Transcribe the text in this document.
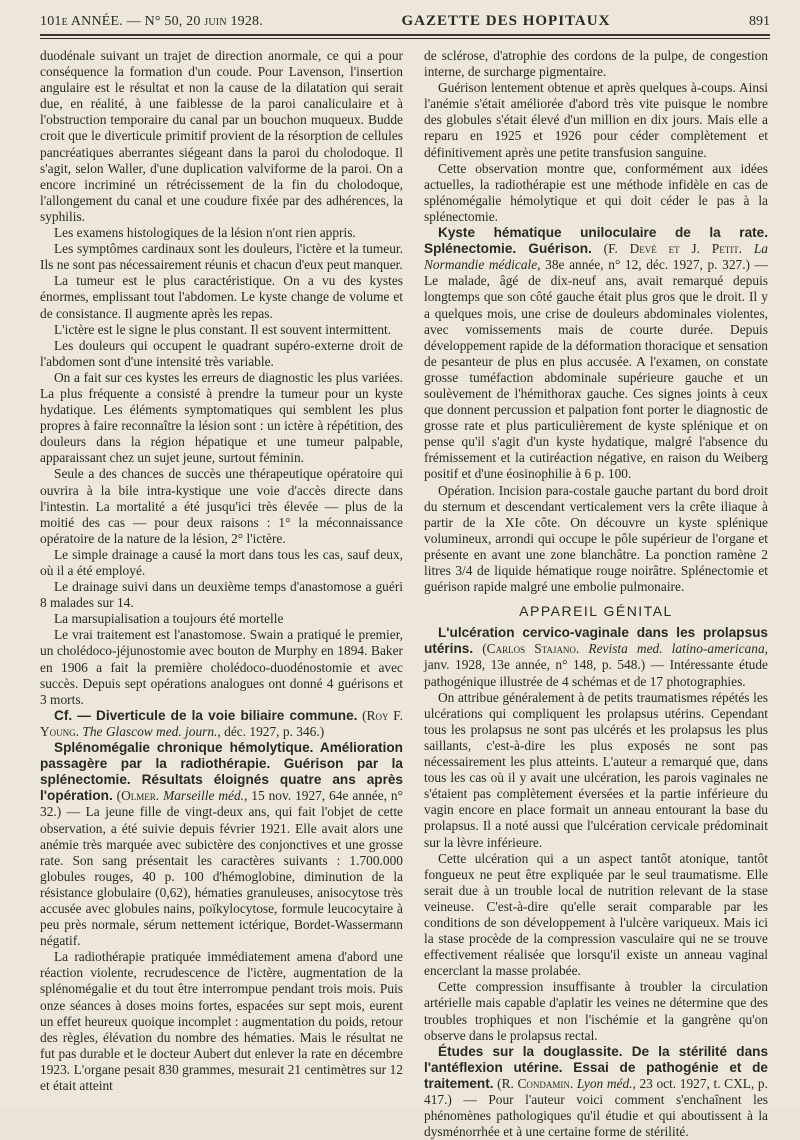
101e ANNÉE. — N° 50, 20 juin 1928.	GAZETTE DES HOPITAUX	891

duodénale suivant un trajet de direction anormale, ce qui a pour conséquence la formation d'un coude. Pour Lavenson, l'insertion angulaire est le résultat et non la cause de la dilatation qui serait due, en réalité, à une faiblesse de la paroi canaliculaire et à l'obstruction temporaire du canal par un bouchon muqueux. Budde croit que le diverticule primitif provient de la résorption de cellules pancréatiques aberrantes siégeant dans la paroi du cholodoque. Il s'agit, selon Waller, d'une duplication valviforme de la paroi. On a encore incriminé un rétrécissement de la fin du cholodoque, l'allongement du canal et une coudure fixée par des adhérences, la syphilis.

Les examens histologiques de la lésion n'ont rien appris.

Les symptômes cardinaux sont les douleurs, l'ictère et la tumeur. Ils ne sont pas nécessairement réunis et chacun d'eux peut manquer.

La tumeur est le plus caractéristique. On a vu des kystes énormes, emplissant tout l'abdomen. Le kyste change de volume et de consistance. Il augmente après les repas.

L'ictère est le signe le plus constant. Il est souvent intermittent.

Les douleurs qui occupent le quadrant supéro-externe droit de l'abdomen sont d'une intensité très variable.

On a fait sur ces kystes les erreurs de diagnostic les plus variées. La plus fréquente a consisté à prendre la tumeur pour un kyste hydatique. Les éléments symptomatiques qui semblent les plus propres à faire reconnaître la lésion sont : un ictère à répétition, des douleurs dans la région hépatique et une tumeur palpable, apparaissant chez un sujet jeune, surtout féminin.

Seule a des chances de succès une thérapeutique opératoire qui ouvrira à la bile intra-kystique une voie d'accès directe dans l'intestin. La mortalité a été jusqu'ici très élevée — plus de la moitié des cas — pour deux raisons : 1° la méconnaissance opératoire de la nature de la lésion, 2° l'ictère.

Le simple drainage a causé la mort dans tous les cas, sauf deux, où il a été employé.

Le drainage suivi dans un deuxième temps d'anastomose a guéri 8 malades sur 14.

La marsupialisation a toujours été mortelle

Le vrai traitement est l'anastomose. Swain a pratiqué le premier, un cholédoco-jéjunostomie avec bouton de Murphy en 1894. Baker en 1906 a fait la première cholédoco-duodénostomie et avec succès. Depuis sept opérations analogues ont donné 4 guérisons et 3 morts.

Cf. — Diverticule de la voie biliaire commune. (Roy F. Young. The Glascow med. journ., déc. 1927, p. 346.)

Splénomégalie chronique hémolytique. Amélioration passagère par la radiothérapie. Guérison par la splénectomie. Résultats éloignés quatre ans après l'opération. (Olmer. Marseille méd., 15 nov. 1927, 64e année, n° 32.) — La jeune fille de vingt-deux ans, qui fait l'objet de cette observation, a été suivie depuis février 1921. Elle avait alors une anémie très marquée avec subictère des conjonctives et une grosse rate. Son sang présentait les caractères suivants : 1.700.000 globules rouges, 40 p. 100 d'hémoglobine, diminution de la résistance globulaire (0,62), hématies granuleuses, anisocytose très accusée avec globules nains, poïkylocytose, formule leucocytaire à peu près normale, sérum nettement ictérique, Bordet-Wassermann négatif.

La radiothérapie pratiquée immédiatement amena d'abord une réaction violente, recrudescence de l'ictère, augmentation de la splénomégalie et du tout être interrompue pendant trois mois. Puis onze séances à doses moins fortes, espacées sur sept mois, eurent un effet heureux quoique incomplet : augmentation du poids, retour des règles, élévation du nombre des hématies. Mais le résultat ne fut pas durable et le docteur Aubert dut enlever la rate en décembre 1923. L'organe pesait 830 grammes, mesurait 21 centimètres sur 12 et était atteint

de sclérose, d'atrophie des cordons de la pulpe, de congestion interne, de surcharge pigmentaire.

Guérison lentement obtenue et après quelques à-coups. Ainsi l'anémie s'était améliorée d'abord très vite puisque le nombre des globules s'était élevé d'un million en dix jours. Mais elle a reparu en 1925 et 1926 pour céder complètement et définitivement après une petite transfusion sanguine.

Cette observation montre que, conformément aux idées actuelles, la radiothérapie est une méthode infidèle en cas de splénomégalie hémolytique et qui doit céder le pas à la splénectomie.

Kyste hématique uniloculaire de la rate. Splénectomie. Guérison. (F. Devé et J. Petit. La Normandie médicale, 38e année, n° 12, déc. 1927, p. 327.) — Le malade, âgé de dix-neuf ans, avait remarqué depuis longtemps que son côté gauche était plus gros que le droit. Il y a quelques mois, une crise de douleurs abdominales violentes, avec vomissements mais de courte durée. Depuis développement rapide de la déformation thoracique et sensation de pesanteur de plus en plus accusée. A l'examen, on constate grosse tuméfaction abdominale supérieure gauche et un soulèvement de l'hémithorax gauche. Ces signes joints à ceux que donnent percussion et palpation font porter le diagnostic de grosse rate et plus particulièrement de kyste splénique et on pense qu'il s'agit d'un kyste hydatique, malgré l'absence du frémissement et la cutiréaction négative, en raison du Weiberg positif et d'une éosinophilie à 6 p. 100.

Opération. Incision para-costale gauche partant du bord droit du sternum et descendant verticalement vers la crête iliaque à partir de la XIe côte. On découvre un kyste splénique volumineux, arrondi qui occupe le pôle supérieur de l'organe et présente en avant une zone blanchâtre. La ponction ramène 2 litres 3/4 de liquide hématique rouge noirâtre. Splénectomie et guérison rapide malgré une embolie pulmonaire.

APPAREIL GÉNITAL

L'ulcération cervico-vaginale dans les prolapsus utérins. (Carlos Stajano. Revista med. latino-americana, janv. 1928, 13e année, n° 148, p. 548.) — Intéressante étude pathogénique illustrée de 4 schémas et de 17 photographies.

On attribue généralement à de petits traumatismes répétés les ulcérations qui compliquent les prolapsus utérins. Cependant tous les prolapsus ne sont pas ulcérés et les prolapsus les plus saillants, c'est-à-dire les plus exposés ne sont pas nécessairement les plus atteints. L'auteur a remarqué que, dans tous les cas où il y avait une ulcération, les parois vaginales ne s'étaient pas complètement éversées et la partie inférieure du vagin encore en place formait un anneau entourant la base du prolapsus. Il a noté aussi que l'ulcération cervicale prédominait sur la lèvre inférieure.

Cette ulcération qui a un aspect tantôt atonique, tantôt fongueux ne peut être expliquée par le seul traumatisme. Elle serait due à un trouble local de nutrition relevant de la stase veineuse. C'est-à-dire qu'elle serait comparable par les conditions de son développement à l'ulcère variqueux. Mais ici la stase procède de la compression vasculaire qui ne se trouve effectivement réalisée que lorsqu'il existe un anneau vaginal encerclant la masse prolabée.

Cette compression insuffisante à troubler la circulation artérielle mais capable d'aplatir les veines ne détermine que des troubles trophiques et non l'ischémie et la gangrène qu'on observe dans le prolapsus rectal.

Études sur la douglassite. De la stérilité dans l'antéflexion utérine. Essai de pathogénie et de traitement. (R. Condamin. Lyon méd., 23 oct. 1927, t. CXL, p. 417.) — Pour l'auteur voici comment s'enchaînent les phénomènes pathologiques qu'il étudie et qui aboutissent à la dysménorrhée et à une certaine forme de stérilité.
